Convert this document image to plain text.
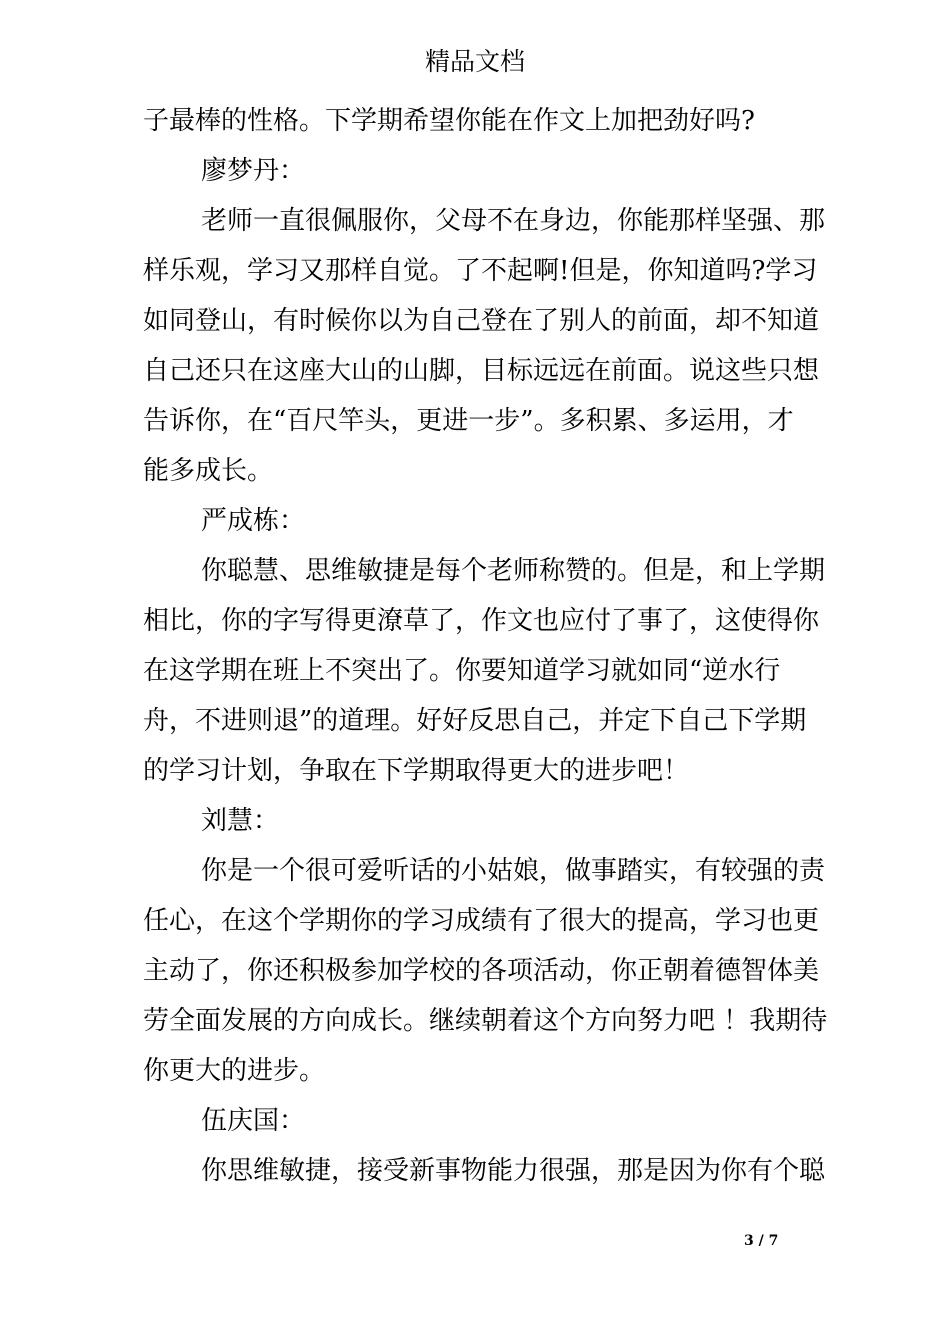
精品文档
子最棒的性格。下学期希望你能在作文上加把劲好吗?
廖梦丹：
老师一直很佩服你，父母不在身边，你能那样坚强、那
样乐观，学习又那样自觉。了不起啊!但是，你知道吗?学习
如同登山，有时候你以为自己登在了别人的前面，却不知道
自己还只在这座大山的山脚，目标远远在前面。说这些只想
告诉你，在“百尺竿头，更进一步”。多积累、多运用，才
能多成长。
严成栋：
你聪慧、思维敏捷是每个老师称赞的。但是，和上学期
相比，你的字写得更潦草了，作文也应付了事了，这使得你
在这学期在班上不突出了。你要知道学习就如同“逆水行
舟，不进则退”的道理。好好反思自己，并定下自己下学期
的学习计划，争取在下学期取得更大的进步吧！
刘慧：
你是一个很可爱听话的小姑娘，做事踏实，有较强的责
任心，在这个学期你的学习成绩有了很大的提高，学习也更
主动了，你还积极参加学校的各项活动，你正朝着德智体美
劳全面发展的方向成长。继续朝着这个方向努力吧 ！我期待
你更大的进步。
伍庆国：
你思维敏捷，接受新事物能力很强，那是因为你有个聪
3 / 7
